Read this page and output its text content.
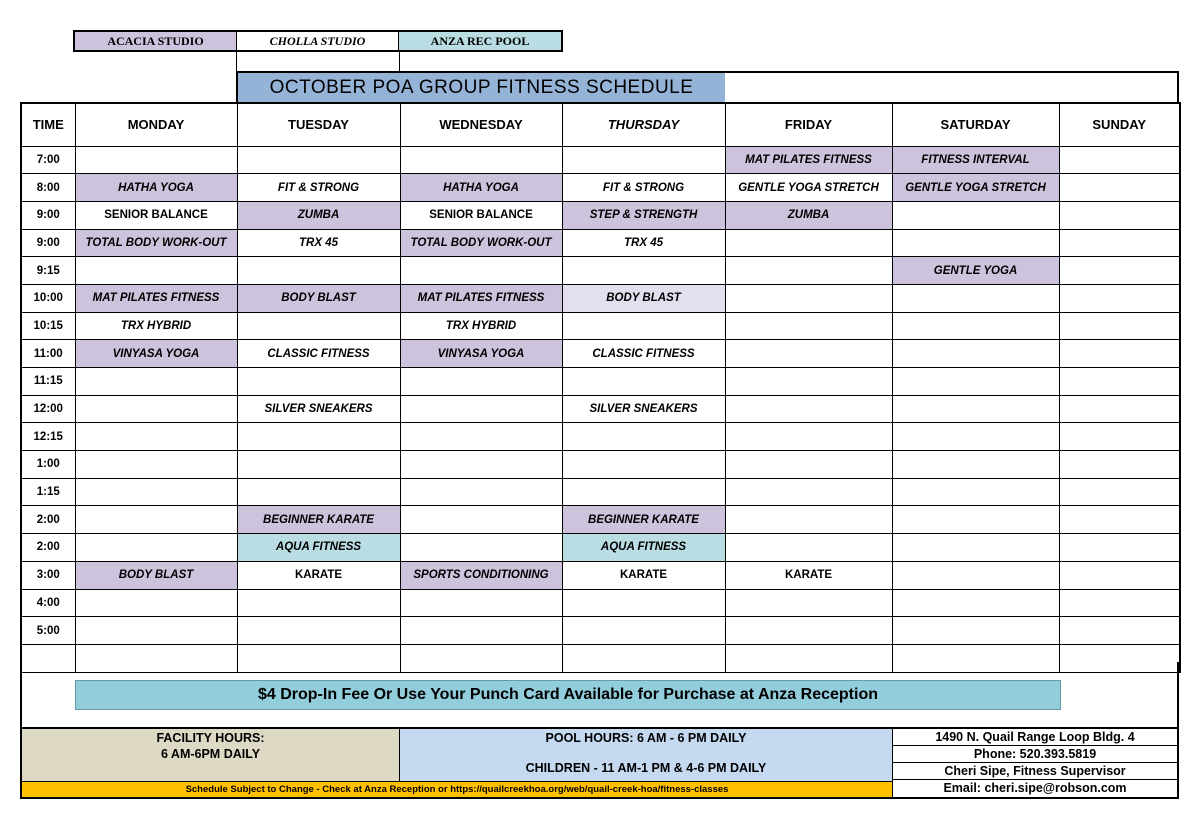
ACACIA STUDIO	CHOLLA STUDIO	ANZA REC POOL
OCTOBER POA GROUP FITNESS SCHEDULE
TIME	MONDAY	TUESDAY	WEDNESDAY	THURSDAY	FRIDAY	SATURDAY	SUNDAY
7:00					MAT PILATES FITNESS	FITNESS INTERVAL	
8:00	HATHA YOGA	FIT & STRONG	HATHA YOGA	FIT & STRONG	GENTLE YOGA STRETCH	GENTLE YOGA STRETCH	
9:00	SENIOR BALANCE	ZUMBA	SENIOR BALANCE	STEP & STRENGTH	ZUMBA		
9:00	TOTAL BODY WORK-OUT	TRX 45	TOTAL BODY WORK-OUT	TRX 45			
9:15						GENTLE YOGA	
10:00	MAT PILATES FITNESS	BODY BLAST	MAT PILATES FITNESS	BODY BLAST			
10:15	TRX HYBRID		TRX HYBRID				
11:00	VINYASA YOGA	CLASSIC FITNESS	VINYASA YOGA	CLASSIC FITNESS			
11:15							
12:00		SILVER SNEAKERS		SILVER SNEAKERS			
12:15							
1:00							
1:15							
2:00		BEGINNER KARATE		BEGINNER KARATE			
2:00		AQUA FITNESS		AQUA FITNESS			
3:00	BODY BLAST	KARATE	SPORTS CONDITIONING	KARATE	KARATE		
4:00							
5:00							

$4 Drop-In Fee Or Use Your Punch Card Available for Purchase at Anza Reception
FACILITY HOURS:
6 AM-6PM DAILY
POOL HOURS: 6 AM - 6 PM DAILY
CHILDREN - 11 AM-1 PM & 4-6 PM DAILY
1490 N. Quail Range Loop Bldg. 4
Phone: 520.393.5819
Cheri Sipe, Fitness Supervisor
Email: cheri.sipe@robson.com
Schedule Subject to Change - Check at Anza Reception or https://quailcreekhoa.org/web/quail-creek-hoa/fitness-classes
